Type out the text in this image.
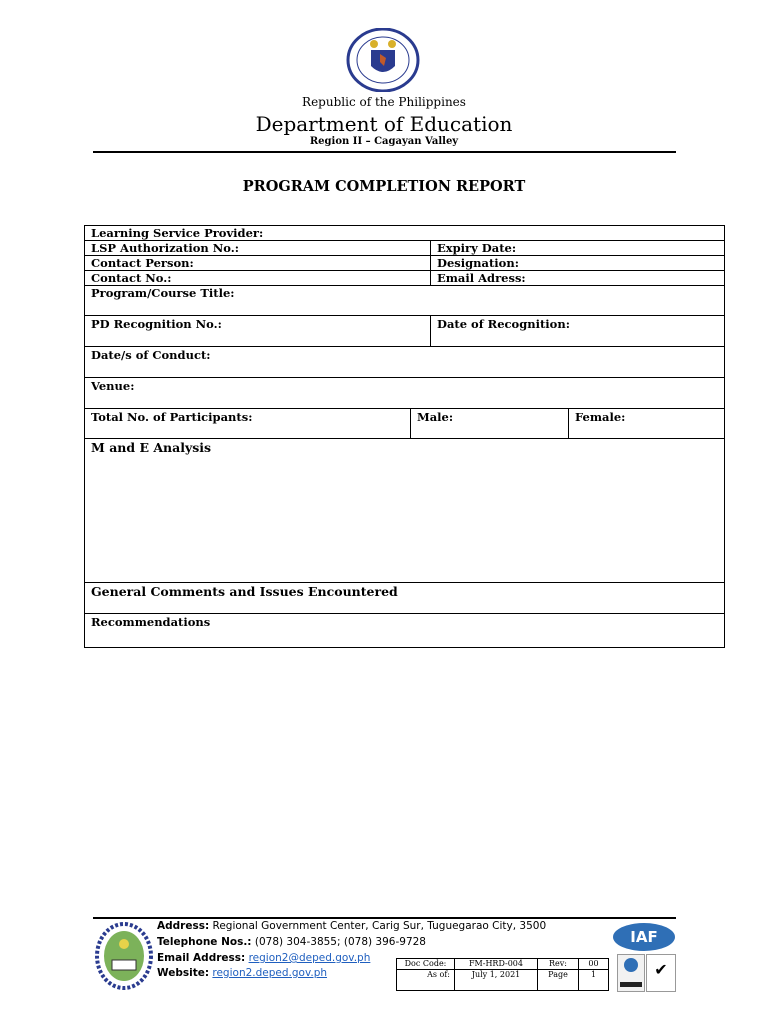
Republic of the Philippines
Department of Education
Region II – Cagayan Valley
PROGRAM COMPLETION REPORT
Learning Service Provider:
LSP Authorization No.:	Expiry Date:
Contact Person:	Designation:
Contact No.:	Email Adress:
Program/Course Title:
PD Recognition No.:	Date of Recognition:
Date/s of Conduct:
Venue:
Total No. of Participants:	Male:	Female:
M and E Analysis
General Comments and Issues Encountered
Recommendations
Address: Regional Government Center, Carig Sur, Tuguegarao City, 3500
Telephone Nos.: (078) 304-3855; (078) 396-9728
Email Address: region2@deped.gov.ph
Website: region2.deped.gov.ph
Doc Code:	FM-HRD-004	Rev:	00
As of:	July 1, 2021	Page	1
IAF
✔
